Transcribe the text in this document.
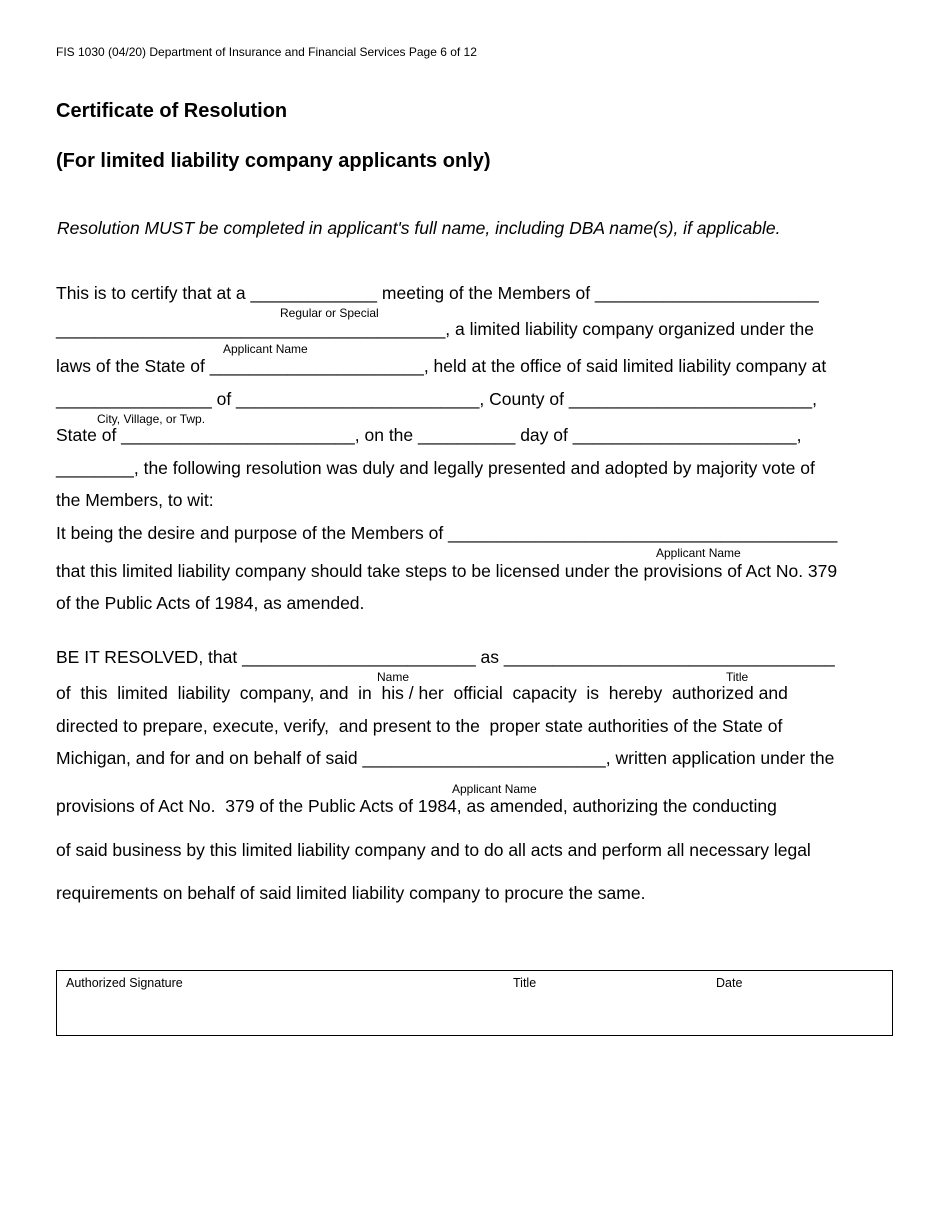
FIS 1030 (04/20) Department of Insurance and Financial Services Page 6 of 12
Certificate of Resolution
(For limited liability company applicants only)
Resolution MUST be completed in applicant's full name, including DBA name(s), if applicable.
This is to certify that at a _____________ meeting of the Members of _______________________
Regular or Special
________________________________________, a limited liability company organized under the
Applicant Name
laws of the State of ______________________, held at the office of said limited liability company at
________________ of _________________________, County of _________________________,
City, Village, or Twp.
State of ________________________, on the __________ day of _______________________,
________, the following resolution was duly and legally presented and adopted by majority vote of
the Members, to wit:
It being the desire and purpose of the Members of ________________________________________
Applicant Name
that this limited liability company should take steps to be licensed under the provisions of Act No. 379
of the Public Acts of 1984, as amended.
BE IT RESOLVED, that ________________________ as __________________________________
Name	Title
of  this  limited  liability  company, and  in  his / her  official  capacity  is  hereby  authorized and
directed to prepare, execute, verify,  and present to the  proper state authorities of the State of
Michigan, and for and on behalf of said _________________________, written application under the
Applicant Name
provisions of Act No.  379 of the Public Acts of 1984, as amended, authorizing the conducting
of said business by this limited liability company and to do all acts and perform all necessary legal
requirements on behalf of said limited liability company to procure the same.
Authorized Signature	Title	Date
